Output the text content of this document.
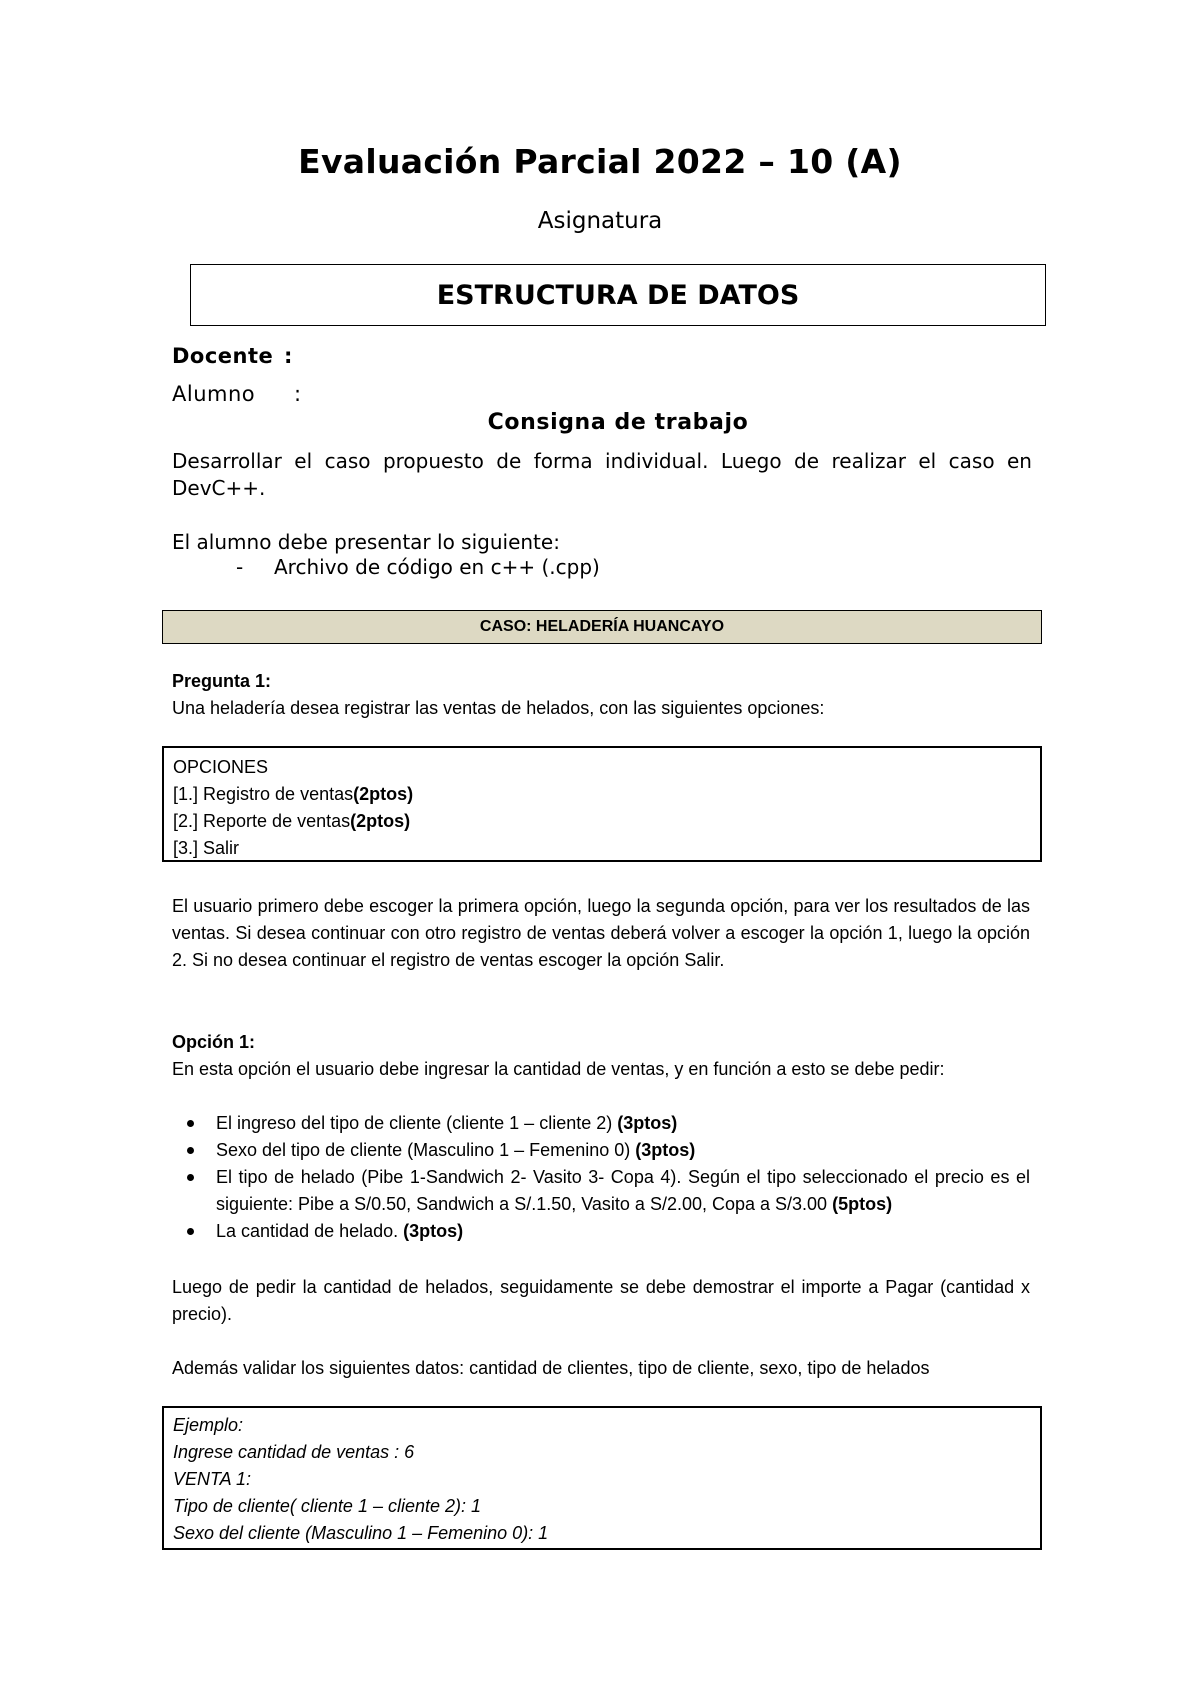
Evaluación Parcial 2022 – 10 (A)
Asignatura
ESTRUCTURA DE DATOS
Docente :
Alumno :
Consigna de trabajo
Desarrollar el caso propuesto de forma individual. Luego de realizar el caso en DevC++.
El alumno debe presentar lo siguiente:
- Archivo de código en c++ (.cpp)
CASO: HELADERÍA HUANCAYO
Pregunta 1:
Una heladería desea registrar las ventas de helados, con las siguientes opciones:
OPCIONES
[1.] Registro de ventas(2ptos)
[2.] Reporte de ventas(2ptos)
[3.] Salir
El usuario primero debe escoger la primera opción, luego la segunda opción, para ver los resultados de las ventas. Si desea continuar con otro registro de ventas deberá volver a escoger la opción 1, luego la opción 2. Si no desea continuar el registro de ventas escoger la opción Salir.
Opción 1:
En esta opción el usuario debe ingresar la cantidad de ventas, y en función a esto se debe pedir:
El ingreso del tipo de cliente (cliente 1 – cliente 2) (3ptos)
Sexo del tipo de cliente (Masculino 1 – Femenino 0) (3ptos)
El tipo de helado (Pibe 1-Sandwich 2- Vasito 3- Copa 4). Según el tipo seleccionado el precio es el siguiente: Pibe a S/0.50, Sandwich a S/.1.50, Vasito a S/2.00, Copa a S/3.00 (5ptos)
La cantidad de helado. (3ptos)
Luego de pedir la cantidad de helados, seguidamente se debe demostrar el importe a Pagar (cantidad x precio).
Además validar los siguientes datos: cantidad de clientes, tipo de cliente, sexo, tipo de helados
Ejemplo:
Ingrese cantidad de ventas : 6
VENTA 1:
Tipo de cliente( cliente 1 – cliente 2): 1
Sexo del cliente (Masculino 1 – Femenino 0): 1
